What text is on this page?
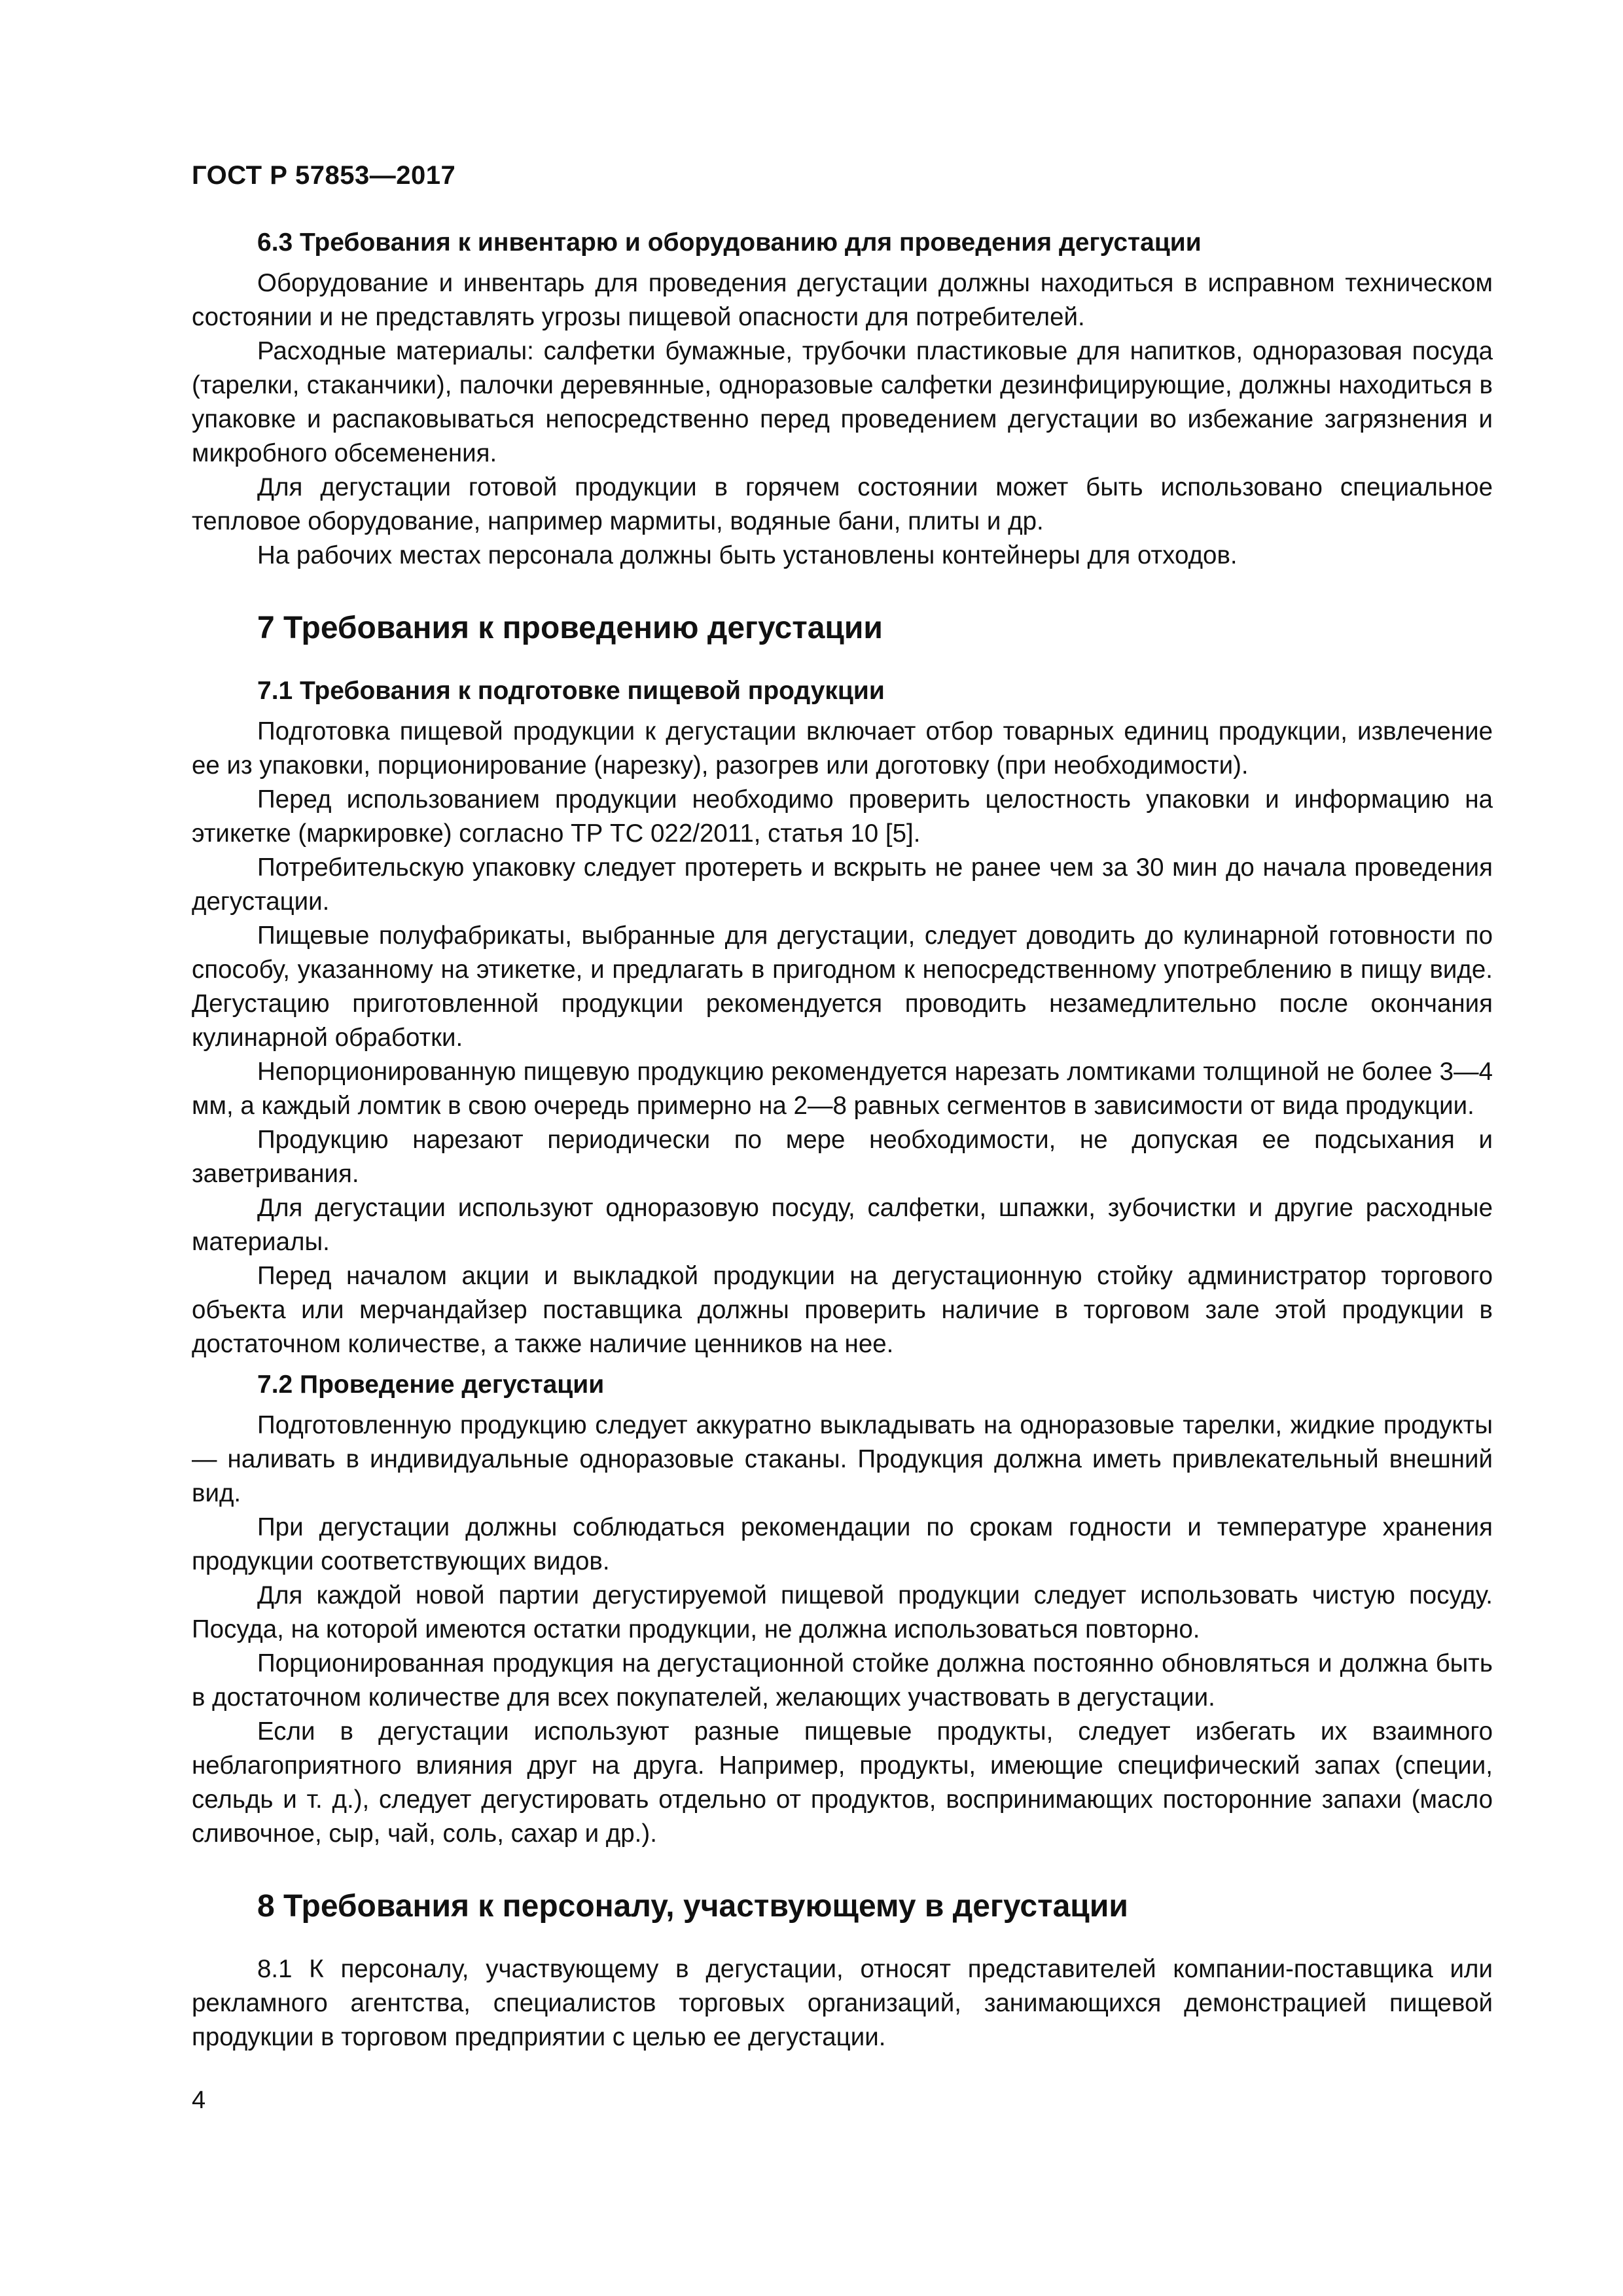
ГОСТ Р 57853—2017
6.3 Требования к инвентарю и оборудованию для проведения дегустации

Оборудование и инвентарь для проведения дегустации должны находиться в исправном техническом состоянии и не представлять угрозы пищевой опасности для потребителей.

Расходные материалы: салфетки бумажные, трубочки пластиковые для напитков, одноразовая посуда (тарелки, стаканчики), палочки деревянные, одноразовые салфетки дезинфицирующие, должны находиться в упаковке и распаковываться непосредственно перед проведением дегустации во избежание загрязнения и микробного обсеменения.

Для дегустации готовой продукции в горячем состоянии может быть использовано специальное тепловое оборудование, например мармиты, водяные бани, плиты и др.

На рабочих местах персонала должны быть установлены контейнеры для отходов.

7 Требования к проведению дегустации
7.1 Требования к подготовке пищевой продукции

Подготовка пищевой продукции к дегустации включает отбор товарных единиц продукции, извлечение ее из упаковки, порционирование (нарезку), разогрев или доготовку (при необходимости).

Перед использованием продукции необходимо проверить целостность упаковки и информацию на этикетке (маркировке) согласно ТР ТС 022/2011, статья 10 [5].

Потребительскую упаковку следует протереть и вскрыть не ранее чем за 30 мин до начала проведения дегустации.

Пищевые полуфабрикаты, выбранные для дегустации, следует доводить до кулинарной готовности по способу, указанному на этикетке, и предлагать в пригодном к непосредственному употреблению в пищу виде. Дегустацию приготовленной продукции рекомендуется проводить незамедлительно после окончания кулинарной обработки.

Непорционированную пищевую продукцию рекомендуется нарезать ломтиками толщиной не более 3—4 мм, а каждый ломтик в свою очередь примерно на 2—8 равных сегментов в зависимости от вида продукции.

Продукцию нарезают периодически по мере необходимости, не допуская ее подсыхания и заветривания.

Для дегустации используют одноразовую посуду, салфетки, шпажки, зубочистки и другие расходные материалы.

Перед началом акции и выкладкой продукции на дегустационную стойку администратор торгового объекта или мерчандайзер поставщика должны проверить наличие в торговом зале этой продукции в достаточном количестве, а также наличие ценников на нее.

7.2 Проведение дегустации

Подготовленную продукцию следует аккуратно выкладывать на одноразовые тарелки, жидкие продукты — наливать в индивидуальные одноразовые стаканы. Продукция должна иметь привлекательный внешний вид.

При дегустации должны соблюдаться рекомендации по срокам годности и температуре хранения продукции соответствующих видов.

Для каждой новой партии дегустируемой пищевой продукции следует использовать чистую посуду. Посуда, на которой имеются остатки продукции, не должна использоваться повторно.

Порционированная продукция на дегустационной стойке должна постоянно обновляться и должна быть в достаточном количестве для всех покупателей, желающих участвовать в дегустации.

Если в дегустации используют разные пищевые продукты, следует избегать их взаимного неблагоприятного влияния друг на друга. Например, продукты, имеющие специфический запах (специи, сельдь и т. д.), следует дегустировать отдельно от продуктов, воспринимающих посторонние запахи (масло сливочное, сыр, чай, соль, сахар и др.).

8 Требования к персоналу, участвующему в дегустации

8.1 К персоналу, участвующему в дегустации, относят представителей компании-поставщика или рекламного агентства, специалистов торговых организаций, занимающихся демонстрацией пищевой продукции в торговом предприятии с целью ее дегустации.

4
